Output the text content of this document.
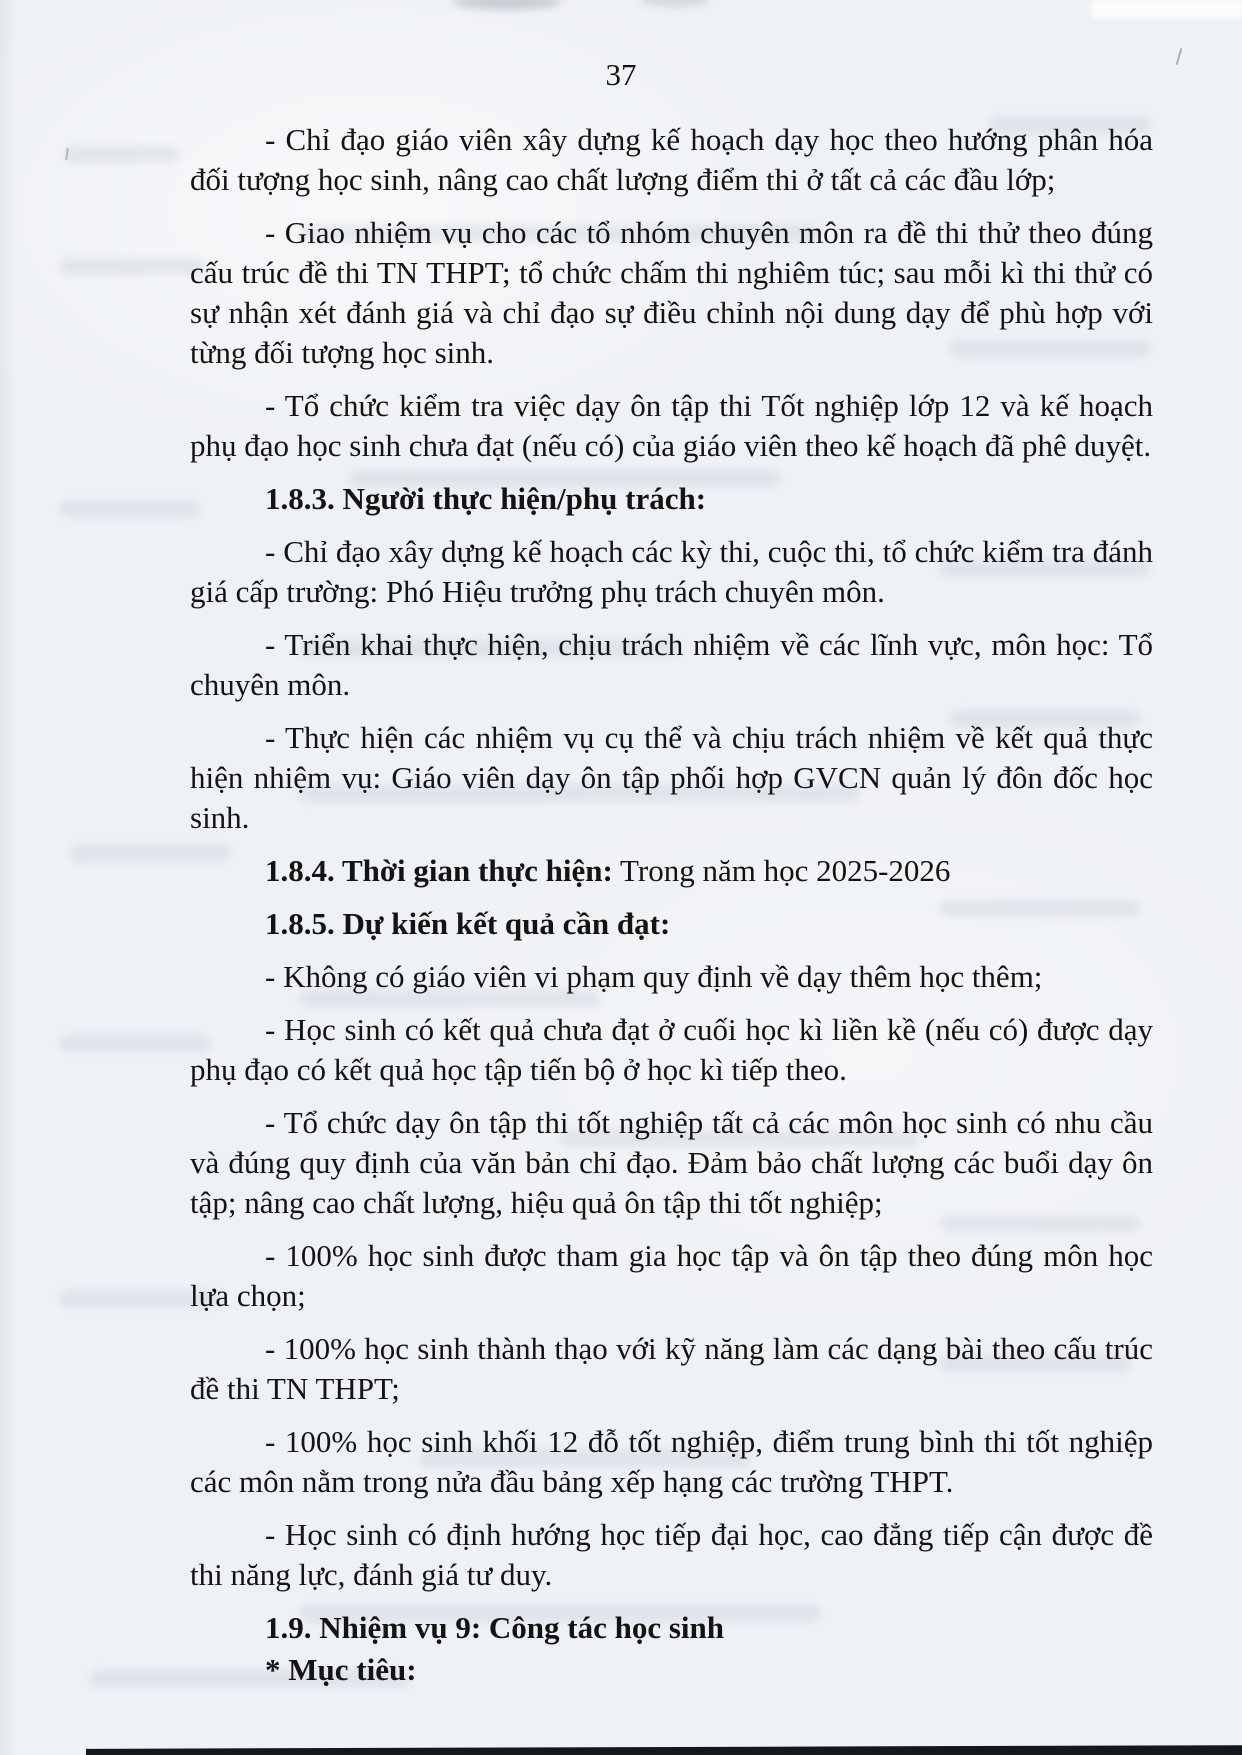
37

- Chỉ đạo giáo viên xây dựng kế hoạch dạy học theo hướng phân hóa đối tượng học sinh, nâng cao chất lượng điểm thi ở tất cả các đầu lớp;

- Giao nhiệm vụ cho các tổ nhóm chuyên môn ra đề thi thử theo đúng cấu trúc đề thi TN THPT; tổ chức chấm thi nghiêm túc; sau mỗi kì thi thử có sự nhận xét đánh giá và chỉ đạo sự điều chỉnh nội dung dạy để phù hợp với từng đối tượng học sinh.

- Tổ chức kiểm tra việc dạy ôn tập thi Tốt nghiệp lớp 12 và kế hoạch phụ đạo học sinh chưa đạt (nếu có) của giáo viên theo kế hoạch đã phê duyệt.

1.8.3. Người thực hiện/phụ trách:

- Chỉ đạo xây dựng kế hoạch các kỳ thi, cuộc thi, tổ chức kiểm tra đánh giá cấp trường: Phó Hiệu trưởng phụ trách chuyên môn.

- Triển khai thực hiện, chịu trách nhiệm về các lĩnh vực, môn học: Tổ chuyên môn.

- Thực hiện các nhiệm vụ cụ thể và chịu trách nhiệm về kết quả thực hiện nhiệm vụ: Giáo viên dạy ôn tập phối hợp GVCN quản lý đôn đốc học sinh.

1.8.4. Thời gian thực hiện: Trong năm học 2025-2026

1.8.5. Dự kiến kết quả cần đạt:

- Không có giáo viên vi phạm quy định về dạy thêm học thêm;

- Học sinh có kết quả chưa đạt ở cuối học kì liền kề (nếu có) được dạy phụ đạo có kết quả học tập tiến bộ ở học kì tiếp theo.

- Tổ chức dạy ôn tập thi tốt nghiệp tất cả các môn học sinh có nhu cầu và đúng quy định của văn bản chỉ đạo. Đảm bảo chất lượng các buổi dạy ôn tập; nâng cao chất lượng, hiệu quả ôn tập thi tốt nghiệp;

- 100% học sinh được tham gia học tập và ôn tập theo đúng môn học lựa chọn;

- 100% học sinh thành thạo với kỹ năng làm các dạng bài theo cấu trúc đề thi TN THPT;

- 100% học sinh khối 12 đỗ tốt nghiệp, điểm trung bình thi tốt nghiệp các môn nằm trong nửa đầu bảng xếp hạng các trường THPT.

- Học sinh có định hướng học tiếp đại học, cao đẳng tiếp cận được đề thi năng lực, đánh giá tư duy.

1.9. Nhiệm vụ 9: Công tác học sinh

* Mục tiêu:
